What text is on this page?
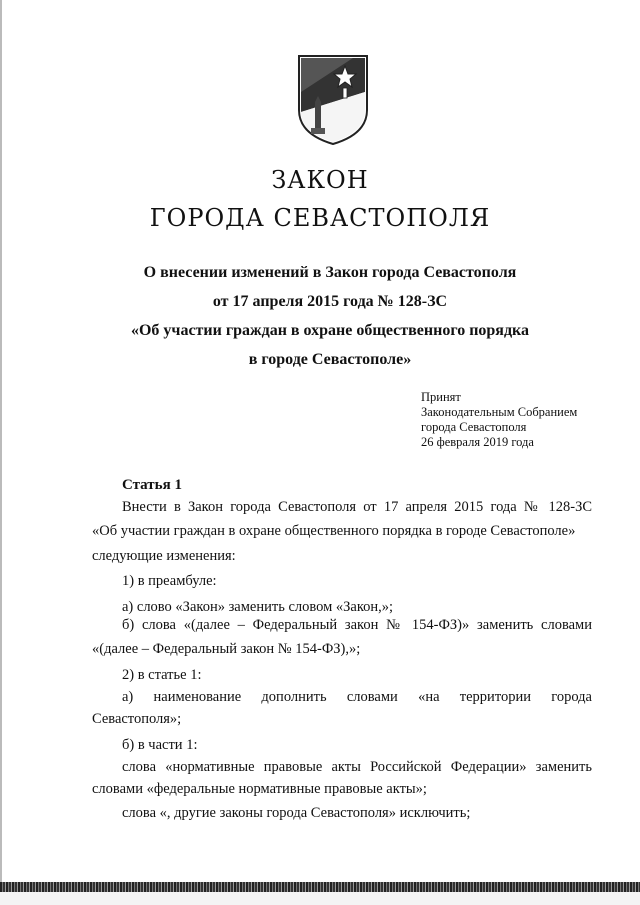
ЗАКОН
ГОРОДА СЕВАСТОПОЛЯ
О внесении изменений в Закон города Севастополя
от 17 апреля 2015 года № 128-ЗС
«Об участии граждан в охране общественного порядка
в городе Севастополе»
Принят
Законодательным Собранием
города Севастополя
26 февраля 2019 года
Статья 1
Внести в Закон города Севастополя от 17 апреля 2015 года № 128-ЗС
«Об участии граждан в охране общественного порядка в городе Севастополе»
следующие изменения:
1) в преамбуле:
а) слово «Закон» заменить словом «Закон,»;
б) слова «(далее – Федеральный закон № 154-ФЗ)» заменить словами
«(далее – Федеральный закон № 154-ФЗ),»;
2) в статье 1:
а) наименование дополнить словами «на территории города
Севастополя»;
б) в части 1:
слова «нормативные правовые акты Российской Федерации» заменить
словами «федеральные нормативные правовые акты»;
слова «, другие законы города Севастополя» исключить;
